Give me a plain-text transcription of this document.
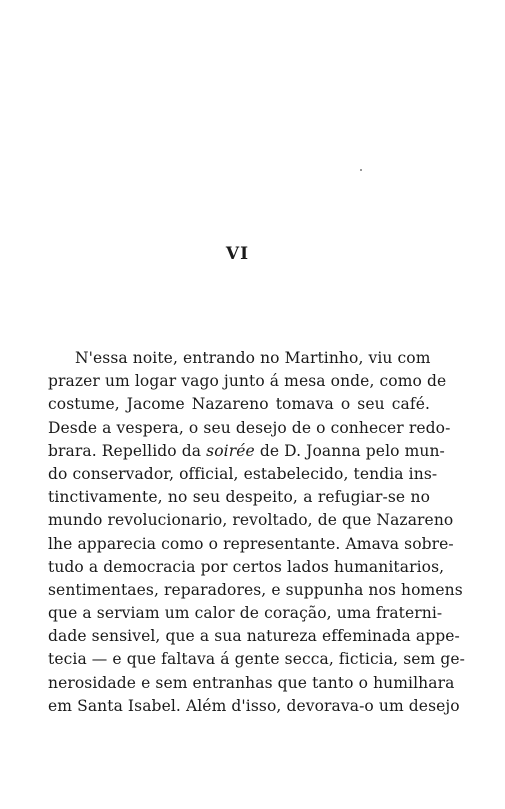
VI
N'essa noite, entrando no Martinho, viu com
prazer um logar vago junto á mesa onde, como de
costume, Jacome Nazareno tomava o seu café.
Desde a vespera, o seu desejo de o conhecer redo-
brara. Repellido da soirée de D. Joanna pelo mun-
do conservador, official, estabelecido, tendia ins-
tinctivamente, no seu despeito, a refugiar-se no
mundo revolucionario, revoltado, de que Nazareno
lhe apparecia como o representante. Amava sobre-
tudo a democracia por certos lados humanitarios,
sentimentaes, reparadores, e suppunha nos homens
que a serviam um calor de coração, uma fraterni-
dade sensivel, que a sua natureza effeminada appe-
tecia — e que faltava á gente secca, ficticia, sem ge-
nerosidade e sem entranhas que tanto o humilhara
em Santa Isabel. Além d'isso, devorava-o um desejo
